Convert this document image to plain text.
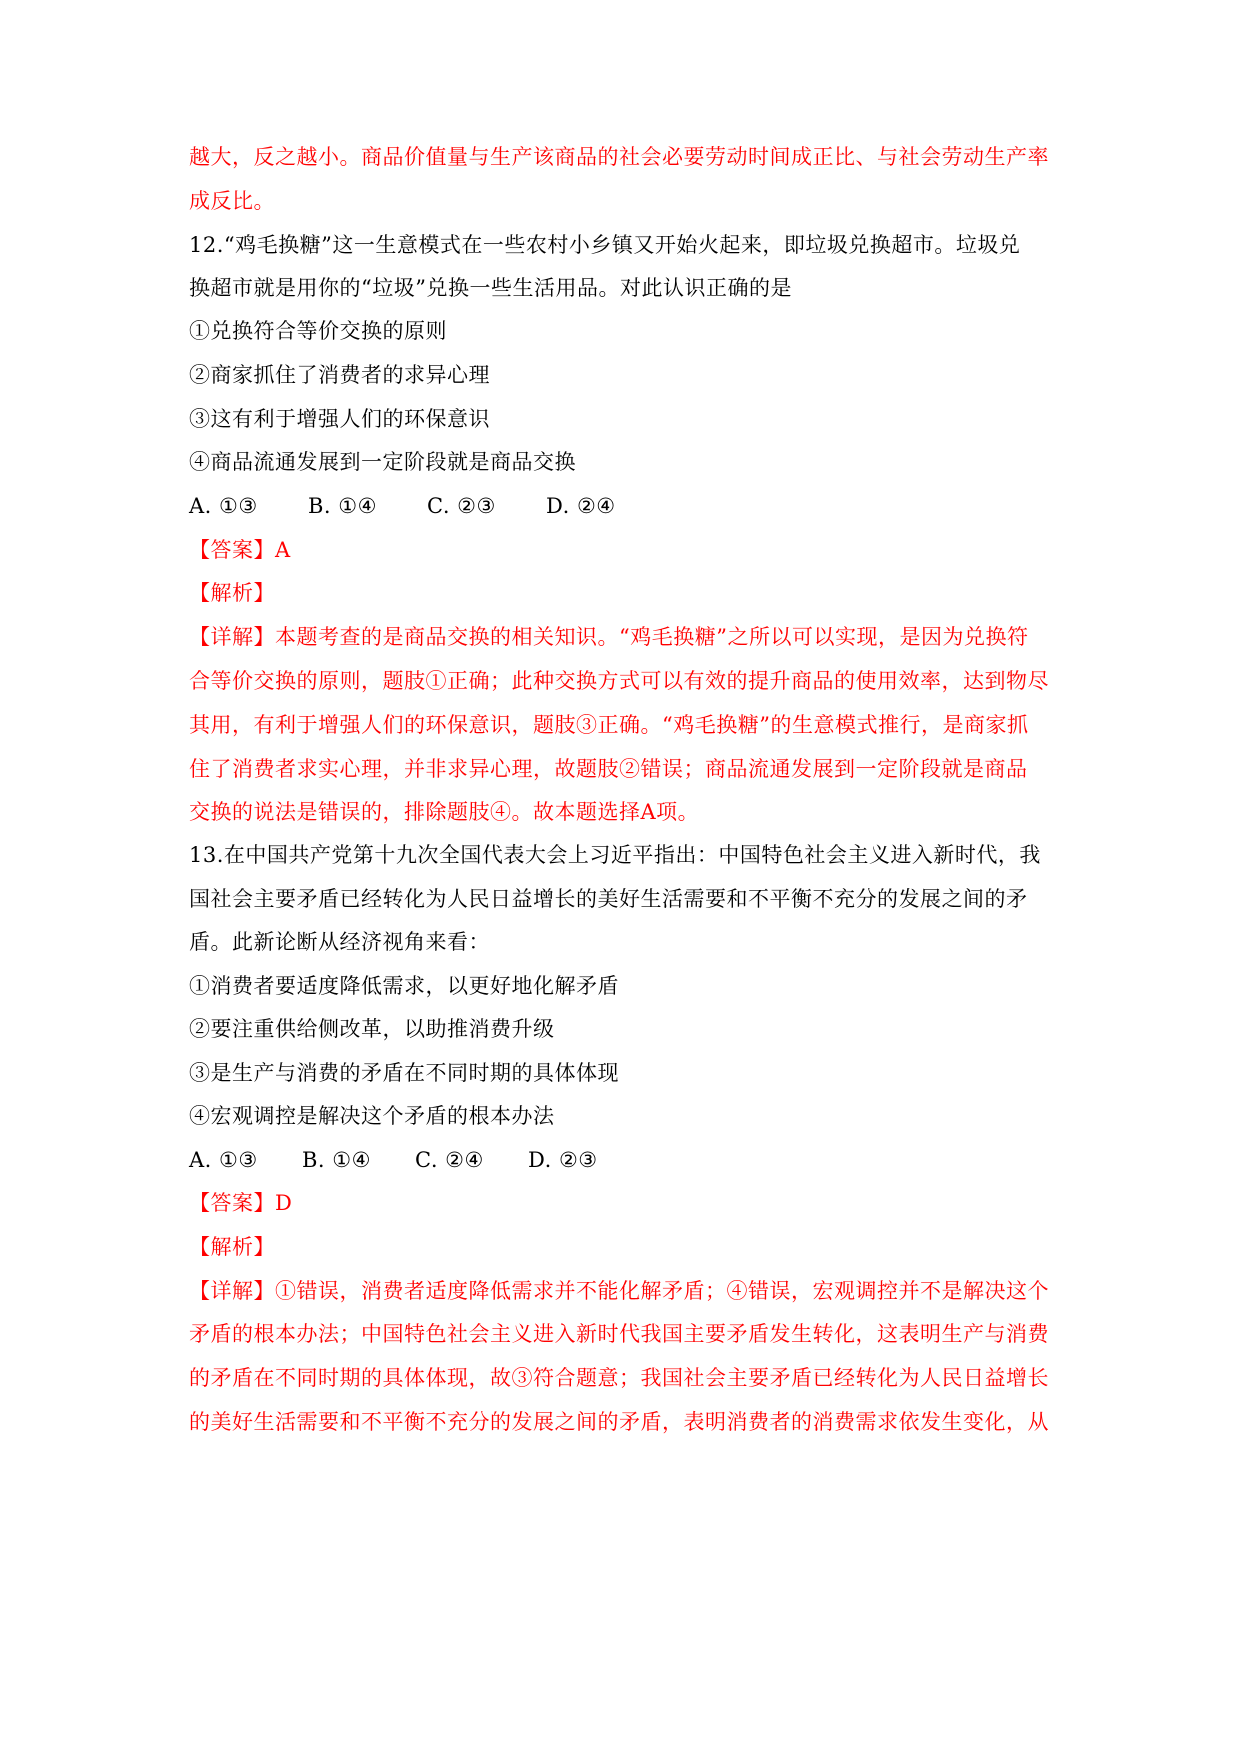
越大，反之越小。商品价值量与生产该商品的社会必要劳动时间成正比、与社会劳动生产率
成反比。
12.“鸡毛换糖”这一生意模式在一些农村小乡镇又开始火起来，即垃圾兑换超市。垃圾兑
换超市就是用你的“垃圾”兑换一些生活用品。对此认识正确的是
①兑换符合等价交换的原则
②商家抓住了消费者的求异心理
③这有利于增强人们的环保意识
④商品流通发展到一定阶段就是商品交换
A. ①③ B. ①④ C. ②③ D. ②④
【答案】A
【解析】
【详解】本题考查的是商品交换的相关知识。“鸡毛换糖”之所以可以实现，是因为兑换符
合等价交换的原则，题肢①正确；此种交换方式可以有效的提升商品的使用效率，达到物尽
其用，有利于增强人们的环保意识，题肢③正确。“鸡毛换糖”的生意模式推行，是商家抓
住了消费者求实心理，并非求异心理，故题肢②错误；商品流通发展到一定阶段就是商品
交换的说法是错误的，排除题肢④。故本题选择A项。
13.在中国共产党第十九次全国代表大会上习近平指出：中国特色社会主义进入新时代，我
国社会主要矛盾已经转化为人民日益增长的美好生活需要和不平衡不充分的发展之间的矛
盾。此新论断从经济视角来看：
①消费者要适度降低需求，以更好地化解矛盾
②要注重供给侧改革，以助推消费升级
③是生产与消费的矛盾在不同时期的具体体现
④宏观调控是解决这个矛盾的根本办法
A. ①③ B. ①④ C. ②④ D. ②③
【答案】D
【解析】
【详解】①错误，消费者适度降低需求并不能化解矛盾；④错误，宏观调控并不是解决这个
矛盾的根本办法；中国特色社会主义进入新时代我国主要矛盾发生转化，这表明生产与消费
的矛盾在不同时期的具体体现，故③符合题意；我国社会主要矛盾已经转化为人民日益增长
的美好生活需要和不平衡不充分的发展之间的矛盾，表明消费者的消费需求依发生变化，从
